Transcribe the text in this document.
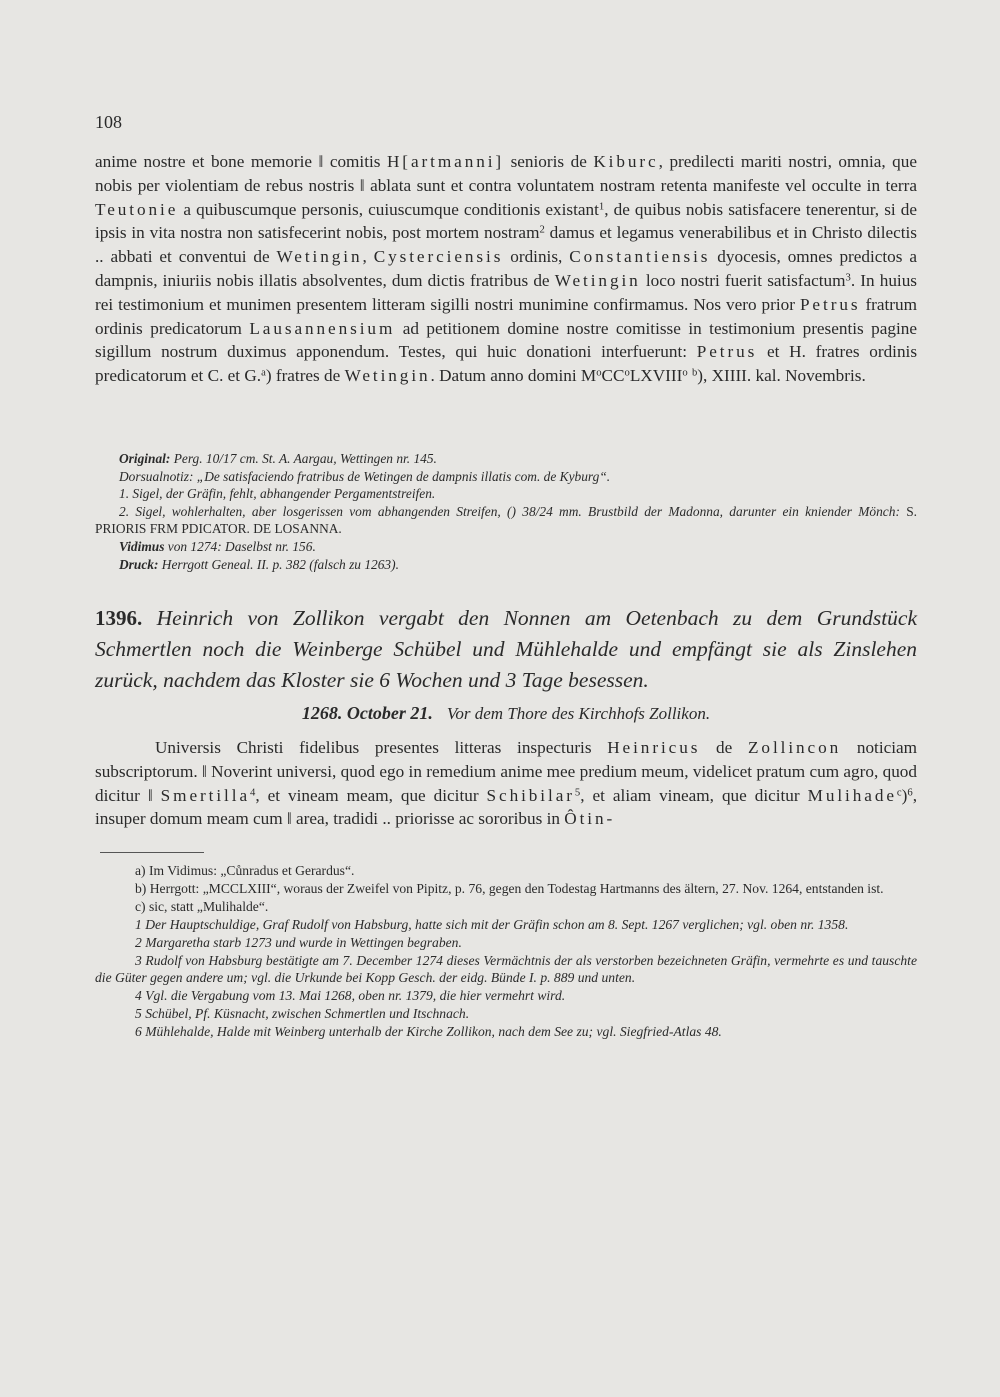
108

anime nostre et bone memorie ‖ comitis H[artmanni] senioris de Kiburc, predilecti mariti nostri, omnia, que nobis per violentiam de rebus nostris ‖ ablata sunt et contra voluntatem nostram retenta manifeste vel occulte in terra Teutonie a quibuscumque personis, cuiuscumque conditionis existant$^1$, de quibus nobis satisfacere tenerentur, si de ipsis in vita nostra non satisfecerint nobis, post mortem nostram$^2$ damus et legamus venerabilibus et in Christo dilectis .. abbati et conventui de Wetingin, Cysterciensis ordinis, Constantiensis dyocesis, omnes predictos a dampnis, iniuriis nobis illatis absolventes, dum dictis fratribus de Wetingin loco nostri fuerit satisfactum$^3$. In huius rei testimonium et munimen presentem litteram sigilli nostri munimine confirmamus. Nos vero prior Petrus fratrum ordinis predicatorum Lausannensium ad petitionem domine nostre comitisse in testimonium presentis pagine sigillum nostrum duximus apponendum. Testes, qui huic donationi interfuerunt: Petrus et H. fratres ordinis predicatorum et C. et G.$^a$) fratres de Wetingin. Datum anno domini $M^oCC^oLXVIII^o$ $^b$), XIIII. kal. Novembris.

Original: Perg. 10/17 cm. St. A. Aargau, Wettingen nr. 145.

Dorsualnotiz: „De satisfaciendo fratribus de Wetingen de dampnis illatis com. de Kyburg“.

1. Sigel, der Gräfin, fehlt, abhangender Pergamentstreifen.

2. Sigel, wohlerhalten, aber losgerissen vom abhangenden Streifen, () 38/24 mm. Brustbild der Madonna, darunter ein kniender Mönch: S. PRIORIS FRM PDICATOR. DE LOSANNA.

Vidimus von 1274: Daselbst nr. 156.

Druck: Herrgott Geneal. II. p. 382 (falsch zu 1263).

1396. Heinrich von Zollikon vergabt den Nonnen am Oetenbach zu dem Grundstück Schmertlen noch die Weinberge Schübel und Mühlehalde und empfängt sie als Zinslehen zurück, nachdem das Kloster sie 6 Wochen und 3 Tage besessen.
1268. October 21. Vor dem Thore des Kirchhofs Zollikon.

Universis Christi fidelibus presentes litteras inspecturis Heinricus de Zollincon noticiam subscriptorum. ‖ Noverint universi, quod ego in remedium anime mee predium meum, videlicet pratum cum agro, quod dicitur ‖ Smertilla$^4$, et vineam meam, que dicitur Schibilar$^5$, et aliam vineam, que dicitur Mulihade$^c$)$^6$, insuper domum meam cum ‖ area, tradidi .. priorisse ac sororibus in Ôtin-

a) Im Vidimus: „Cůnradus et Gerardus“.

b) Herrgott: „MCCLXIII“, woraus der Zweifel von Pipitz, p. 76, gegen den Todestag Hartmanns des ältern, 27. Nov. 1264, entstanden ist.

c) sic, statt „Mulihalde“.

1 Der Hauptschuldige, Graf Rudolf von Habsburg, hatte sich mit der Gräfin schon am 8. Sept. 1267 verglichen; vgl. oben nr. 1358.

2 Margaretha starb 1273 und wurde in Wettingen begraben.

3 Rudolf von Habsburg bestätigte am 7. December 1274 dieses Vermächtnis der als verstorben bezeichneten Gräfin, vermehrte es und tauschte die Güter gegen andere um; vgl. die Urkunde bei Kopp Gesch. der eidg. Bünde I. p. 889 und unten.

4 Vgl. die Vergabung vom 13. Mai 1268, oben nr. 1379, die hier vermehrt wird.

5 Schübel, Pf. Küsnacht, zwischen Schmertlen und Itschnach.

6 Mühlehalde, Halde mit Weinberg unterhalb der Kirche Zollikon, nach dem See zu; vgl. Siegfried-Atlas 48.
